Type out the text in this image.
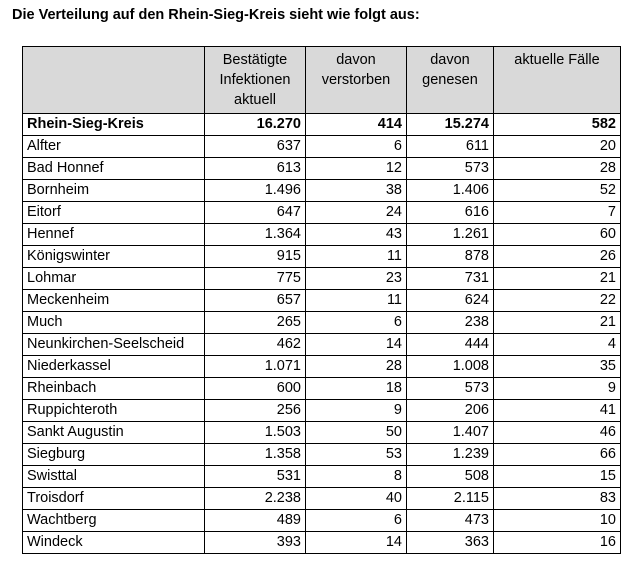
Die Verteilung auf den Rhein-Sieg-Kreis sieht wie folgt aus:
	Bestätigte Infektionen aktuell	davon verstorben	davon genesen	aktuelle Fälle
Rhein-Sieg-Kreis	16.270	414	15.274	582
Alfter	637	6	611	20
Bad Honnef	613	12	573	28
Bornheim	1.496	38	1.406	52
Eitorf	647	24	616	7
Hennef	1.364	43	1.261	60
Königswinter	915	11	878	26
Lohmar	775	23	731	21
Meckenheim	657	11	624	22
Much	265	6	238	21
Neunkirchen-Seelscheid	462	14	444	4
Niederkassel	1.071	28	1.008	35
Rheinbach	600	18	573	9
Ruppichteroth	256	9	206	41
Sankt Augustin	1.503	50	1.407	46
Siegburg	1.358	53	1.239	66
Swisttal	531	8	508	15
Troisdorf	2.238	40	2.115	83
Wachtberg	489	6	473	10
Windeck	393	14	363	16
